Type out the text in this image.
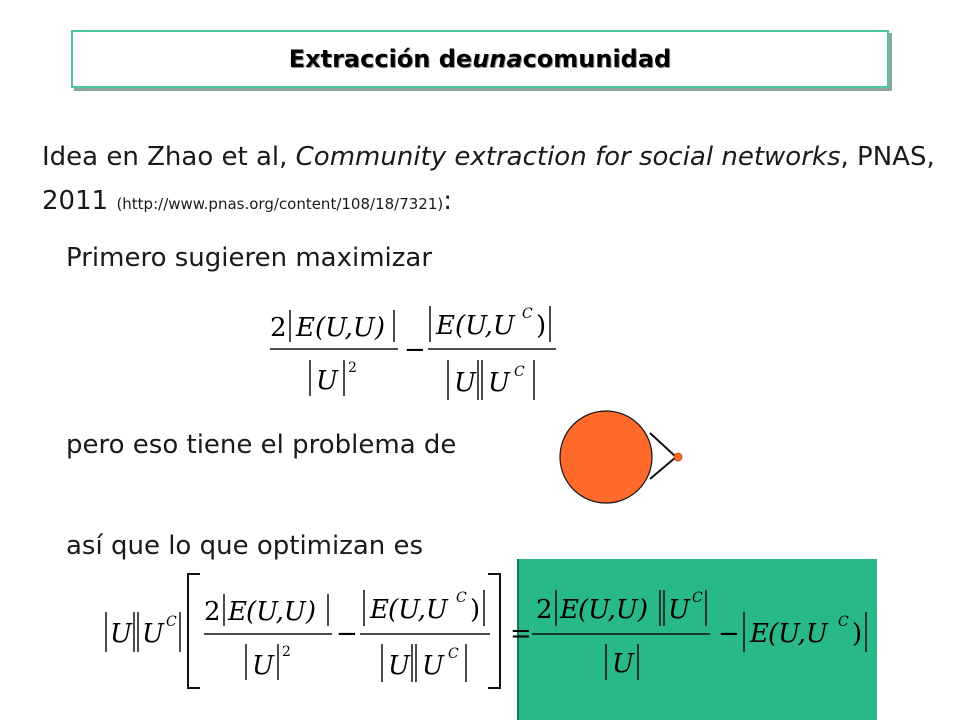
Extracción de una comunidad
Idea en Zhao et al, Community extraction for social networks, PNAS, 2011 (http://www.pnas.org/content/108/18/7321):
Primero sugieren maximizar
2 E(U,U)
U 2
−
E(U,U C )
U U C
pero eso tiene el problema de
así que lo que optimizan es
U U C 2 E (U,U)
U 2
−
E (U,U C )
U U C
=
2 E (U,U) U C
U
− E (U,U C )
